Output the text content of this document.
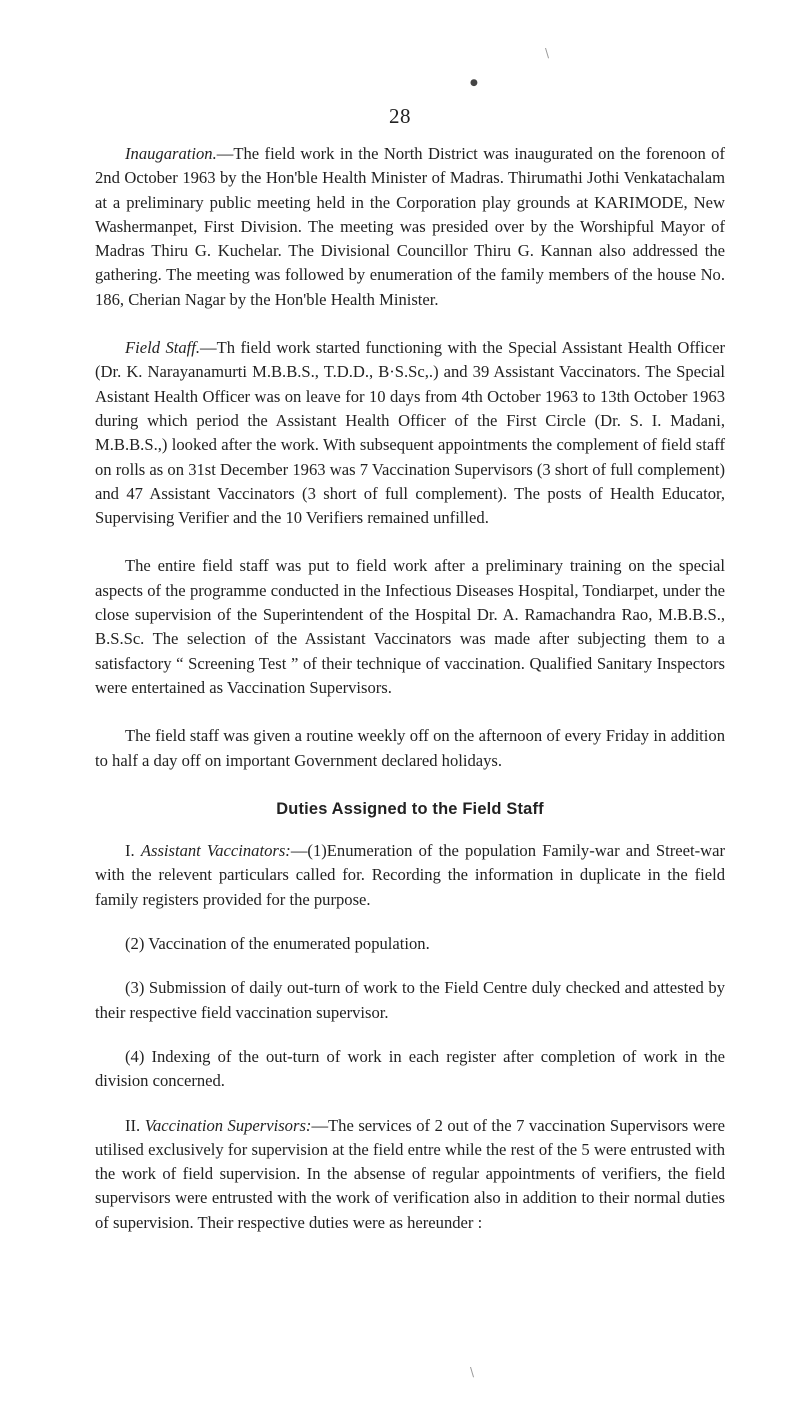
\
●
\
28

Inaugaration.—The field work in the North District was inaugurated on the forenoon of 2nd October 1963 by the Hon'ble Health Minister of Madras. Thirumathi Jothi Venkatachalam at a preliminary public meeting held in the Corporation play grounds at KARIMODE, New Washermanpet, First Division. The meeting was presided over by the Worshipful Mayor of Madras Thiru G. Kuchelar. The Divisional Councillor Thiru G. Kannan also addressed the gathering. The meeting was followed by enumeration of the family members of the house No. 186, Cherian Nagar by the Hon'ble Health Minister.

Field Staff.—Th field work started functioning with the Special Assistant Health Officer (Dr. K. Narayanamurti M.B.B.S., T.D.D., B·S.Sc,.) and 39 Assistant Vaccinators. The Special Asistant Health Officer was on leave for 10 days from 4th October 1963 to 13th October 1963 during which period the Assistant Health Officer of the First Circle (Dr. S. I. Madani, M.B.B.S.,) looked after the work. With subsequent appointments the complement of field staff on rolls as on 31st December 1963 was 7 Vaccination Supervisors (3 short of full complement) and 47 Assistant Vaccinators (3 short of full complement). The posts of Health Educator, Supervising Verifier and the 10 Verifiers remained unfilled.

The entire field staff was put to field work after a preliminary training on the special aspects of the programme conducted in the Infectious Diseases Hospital, Tondiarpet, under the close supervision of the Superintendent of the Hospital Dr. A. Ramachandra Rao, M.B.B.S., B.S.Sc. The selection of the Assistant Vaccinators was made after subjecting them to a satisfactory “ Screening Test ” of their technique of vaccination. Qualified Sanitary Inspectors were entertained as Vaccination Supervisors.

The field staff was given a routine weekly off on the afternoon of every Friday in addition to half a day off on important Government declared holidays.

Duties Assigned to the Field Staff

I. Assistant Vaccinators:—(1)Enumeration of the population Family-war and Street-war with the relevent particulars called for. Recording the information in duplicate in the field family registers provided for the purpose.

(2) Vaccination of the enumerated population.

(3) Submission of daily out-turn of work to the Field Centre duly checked and attested by their respective field vaccination supervisor.

(4) Indexing of the out-turn of work in each register after completion of work in the division concerned.

II. Vaccination Supervisors:—The services of 2 out of the 7 vaccination Supervisors were utilised exclusively for supervision at the field entre while the rest of the 5 were entrusted with the work of field supervision. In the absense of regular appointments of verifiers, the field supervisors were entrusted with the work of verification also in addition to their normal duties of supervision. Their respective duties were as hereunder :
